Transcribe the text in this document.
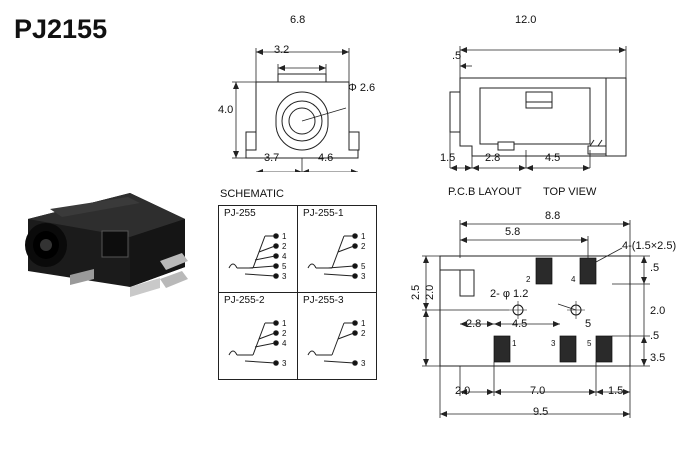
PJ2155	6.8
3.2
4.0
Φ 2.6
3.7	4.6
12.0
.5
1.5	2.8	4.5
SCHEMATIC
PJ-255
1
2
4
5
3

PJ-255-1
1
2
5
3

PJ-255-2
1
2
4
3	PJ-255-3
1
2
3
P.C.B LAYOUT TOP VIEW
2	4
1	3	5
8.8
5.8
4-(1.5×2.5)
2- φ 1.2
.5
2.0
.5
3.5
2.5 2.0
2.8	4.5	5
2.0	7.0	1.5
9.5
